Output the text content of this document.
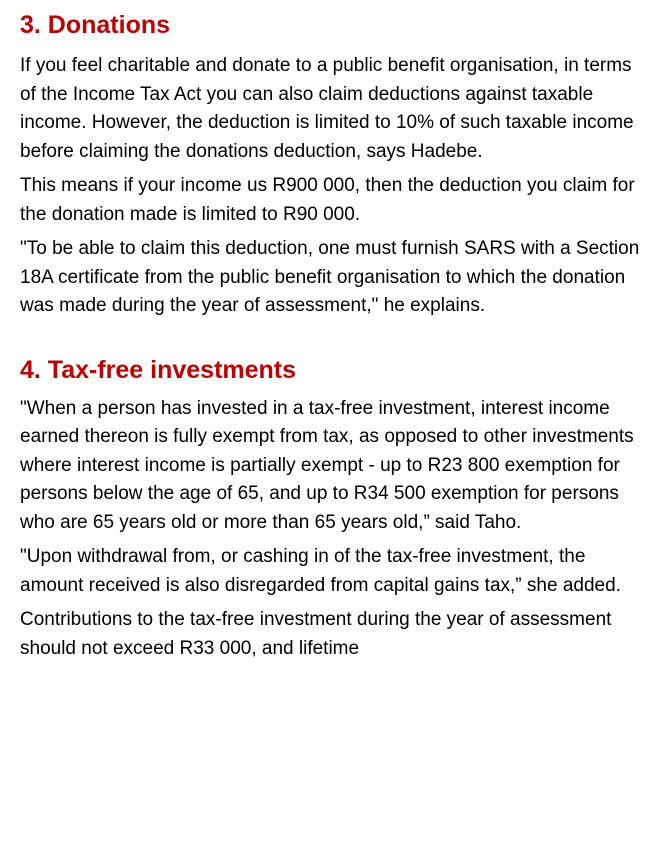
3. Donations

If you feel charitable and donate to a public benefit organisation, in terms of the Income Tax Act you can also claim deductions against taxable income. However, the deduction is limited to 10% of such taxable income before claiming the donations deduction, says Hadebe.

This means if your income us R900 000, then the deduction you claim for the donation made is limited to R90 000.

"To be able to claim this deduction, one must furnish SARS with a Section 18A certificate from the public benefit organisation to which the donation was made during the year of assessment," he explains.

4. Tax-free investments

"When a person has invested in a tax-free investment, interest income earned thereon is fully exempt from tax, as opposed to other investments where interest income is partially exempt - up to R23 800 exemption for persons below the age of 65, and up to R34 500 exemption for persons who are 65 years old or more than 65 years old,” said Taho.

"Upon withdrawal from, or cashing in of the tax-free investment, the amount received is also disregarded from capital gains tax,” she added.

Contributions to the tax-free investment during the year of assessment should not exceed R33 000, and lifetime
